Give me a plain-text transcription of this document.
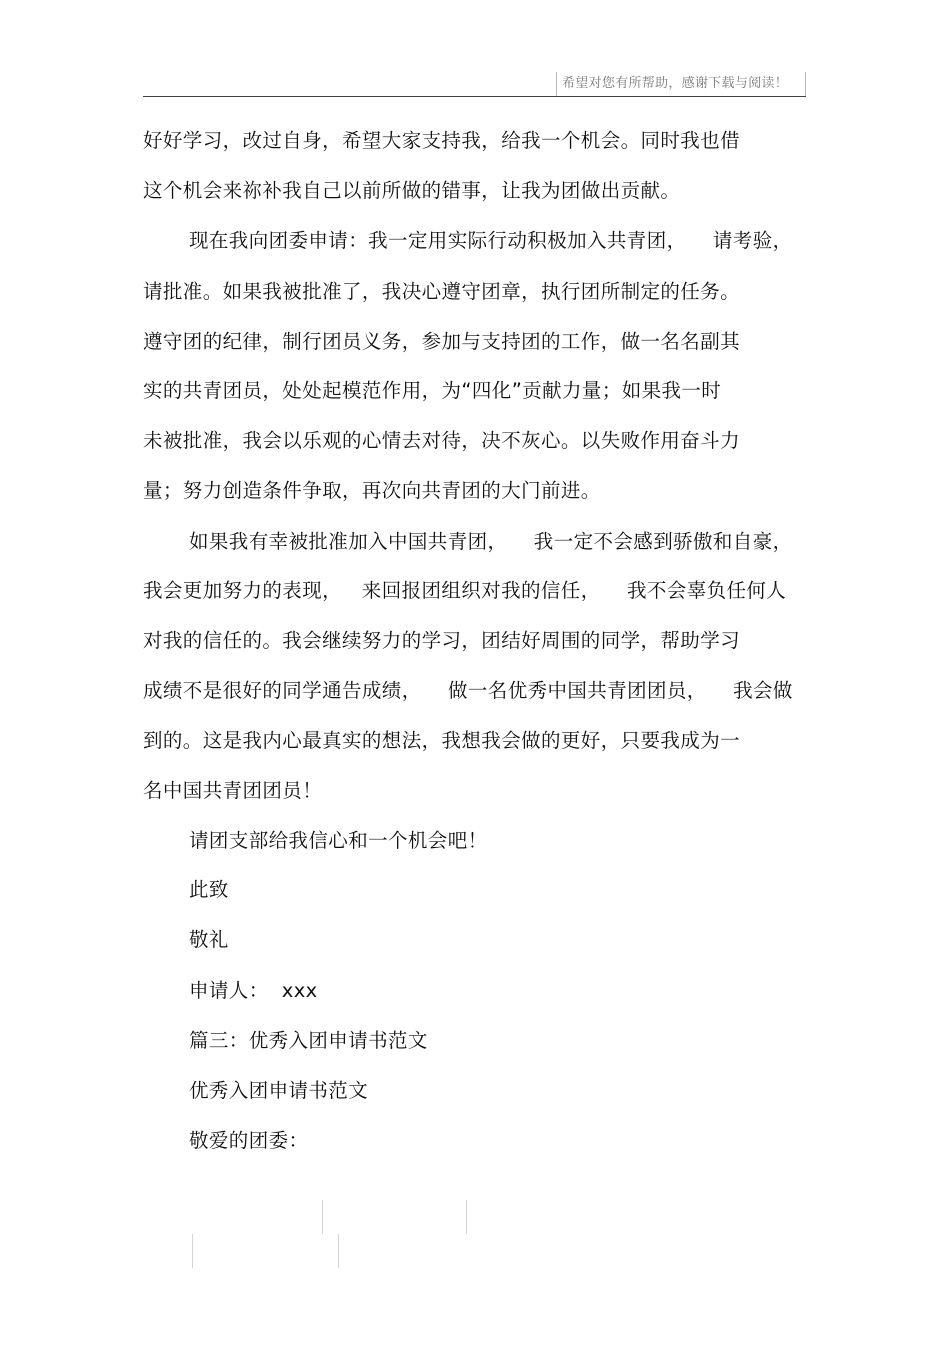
希望对您有所帮助，感谢下载与阅读！
好好学习，改过自身，希望大家支持我，给我一个机会。同时我也借
这个机会来祢补我自己以前所做的错事，让我为团做出贡献。
现在我向团委申请：我一定用实际行动积极加入共青团，    请考验，
请批准。如果我被批准了，我决心遵守团章，执行团所制定的任务。
遵守团的纪律，制行团员义务，参加与支持团的工作，做一名名副其
实的共青团员，处处起模范作用，为“四化”贡献力量；如果我一时
未被批准，我会以乐观的心情去对待，决不灰心。以失败作用奋斗力
量；努力创造条件争取，再次向共青团的大门前进。
如果我有幸被批准加入中国共青团，    我一定不会感到骄傲和自豪，
我会更加努力的表现，   来回报团组织对我的信任，    我不会辜负任何人
对我的信任的。我会继续努力的学习，团结好周围的同学，帮助学习
成绩不是很好的同学通告成绩，    做一名优秀中国共青团团员，    我会做
到的。这是我内心最真实的想法，我想我会做的更好，只要我成为一
名中国共青团团员！
请团支部给我信心和一个机会吧！
此致
敬礼
申请人：  xxx
篇三：优秀入团申请书范文
优秀入团申请书范文
敬爱的团委：
